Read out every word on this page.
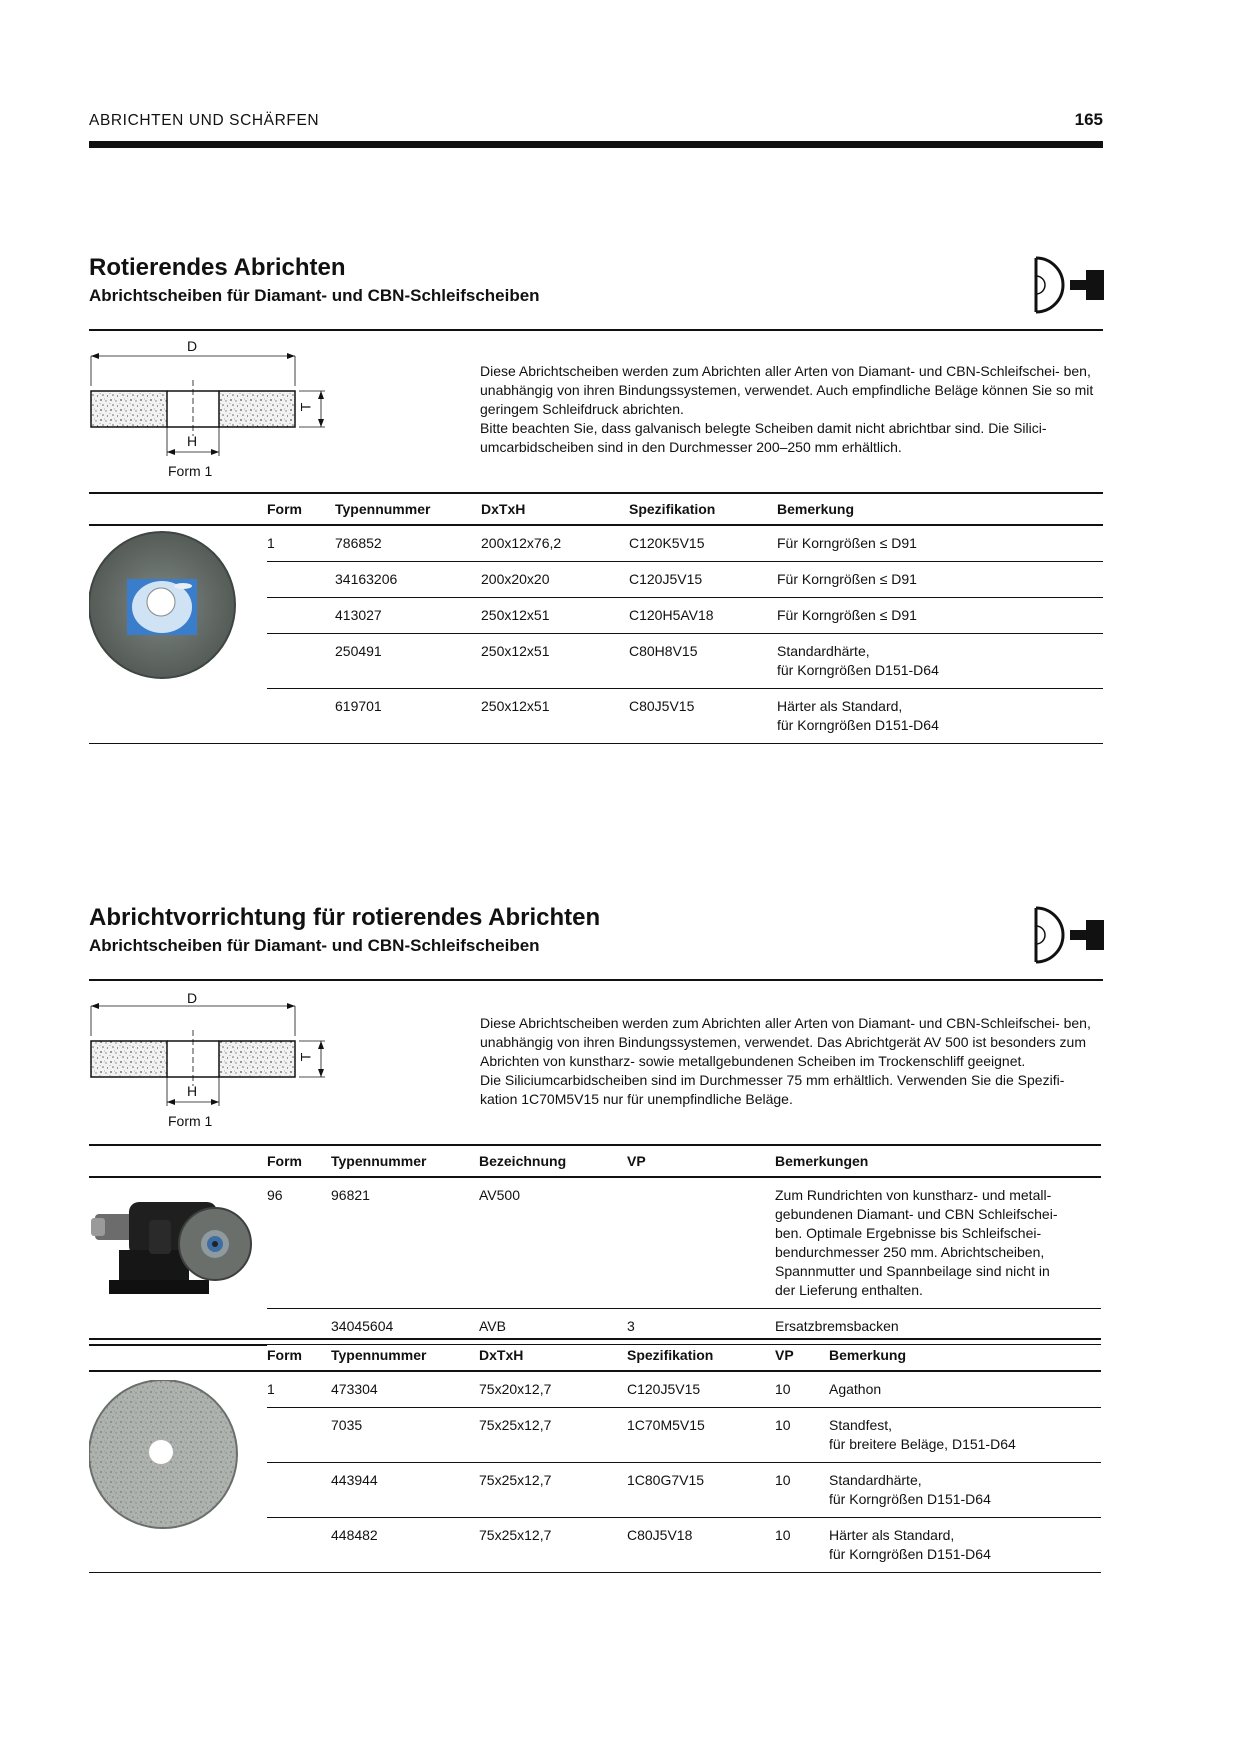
ABRICHTEN UND SCHÄRFEN	165
Rotierendes Abrichten
Abrichtscheiben für Diamant- und CBN-Schleifscheiben
D
H
T
Form 1

Diese Abrichtscheiben werden zum Abrichten aller Arten von Diamant- und CBN-Schleifschei- ben, unabhängig von ihren Bindungssystemen, verwendet. Auch empfindliche Beläge können Sie so mit geringem Schleifdruck abrichten.

Bitte beachten Sie, dass galvanisch belegte Scheiben damit nicht abrichtbar sind. Die Silici- umcarbidscheiben sind in den Durchmesser 200–250 mm erhältlich.

	Form	Typennummer	DxTxH	Spezifikation	Bemerkung
	1	786852	200x12x76,2	C120K5V15	Für Korngrößen ≤ D91
		34163206	200x20x20	C120J5V15	Für Korngrößen ≤ D91
		413027	250x12x51	C120H5AV18	Für Korngrößen ≤ D91
		250491	250x12x51	C80H8V15	Standardhärte,
für Korngrößen D151-D64
		619701	250x12x51	C80J5V15	Härter als Standard,
für Korngrößen D151-D64
Abrichtvorrichtung für rotierendes Abrichten
Abrichtscheiben für Diamant- und CBN-Schleifscheiben
D
H
T
Form 1

Diese Abrichtscheiben werden zum Abrichten aller Arten von Diamant- und CBN-Schleifschei- ben, unabhängig von ihren Bindungssystemen, verwendet. Das Abrichtgerät AV 500 ist besonders zum Abrichten von kunstharz- sowie metallgebundenen Scheiben im Trockenschliff geeignet.

Die Siliciumcarbidscheiben sind im Durchmesser 75 mm erhältlich. Verwenden Sie die Spezifi- kation 1C70M5V15 nur für unempfindliche Beläge.

	Form	Typennummer	Bezeichnung	VP	Bemerkungen
	96	96821	AV500		Zum Rundrichten von kunstharz- und metall- gebundenen Diamant- und CBN Schleifschei- ben. Optimale Ergebnisse bis Schleifschei- bendurchmesser 250 mm. Abrichtscheiben, Spannmutter und Spannbeilage sind nicht in der Lieferung enthalten.
		34045604	AVB	3	Ersatzbremsbacken
	Form	Typennummer	DxTxH	Spezifikation	VP	Bemerkung
	1	473304	75x20x12,7	C120J5V15	10	Agathon
		7035	75x25x12,7	1C70M5V15	10	Standfest,
für breitere Beläge, D151-D64
		443944	75x25x12,7	1C80G7V15	10	Standardhärte,
für Korngrößen D151-D64
		448482	75x25x12,7	C80J5V18	10	Härter als Standard,
für Korngrößen D151-D64
